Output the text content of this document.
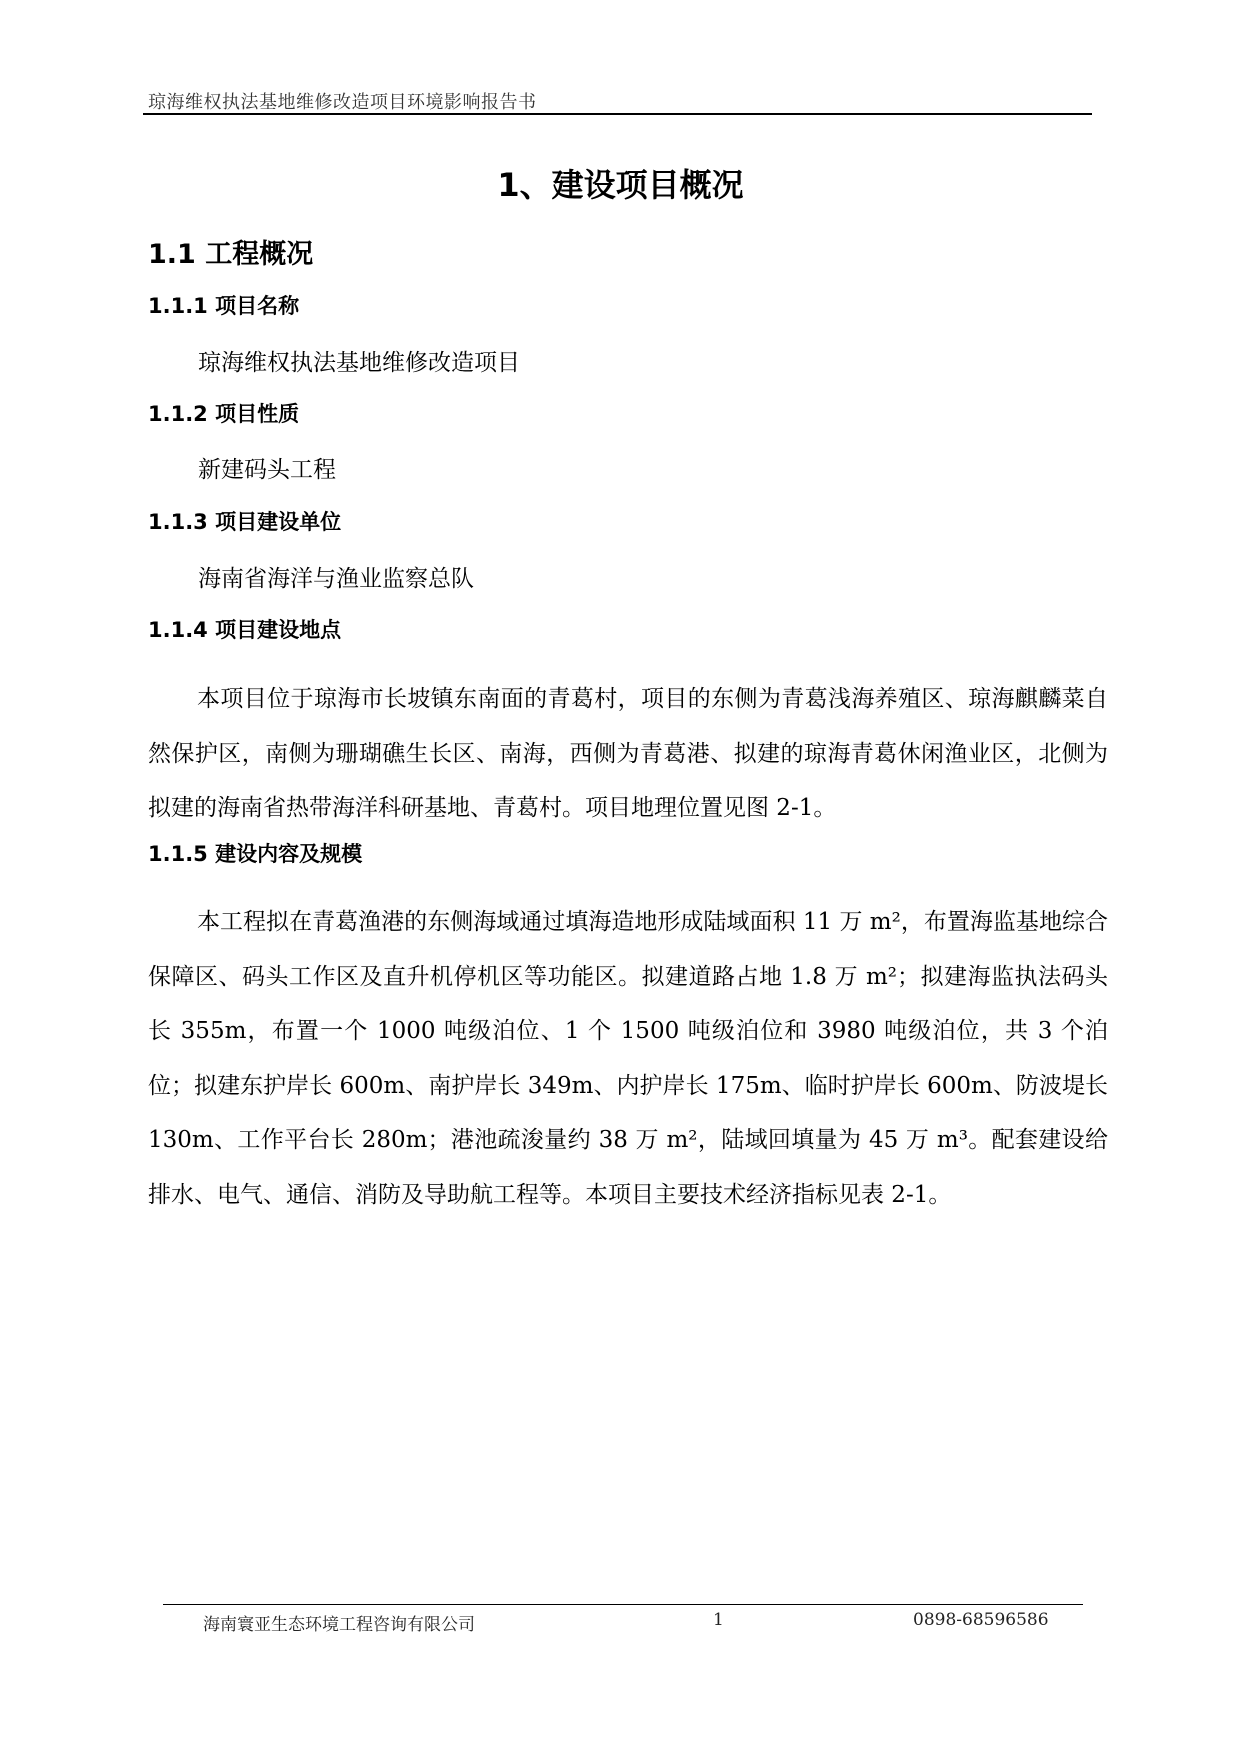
琼海维权执法基地维修改造项目环境影响报告书
1、建设项目概况
1.1 工程概况
1.1.1 项目名称
琼海维权执法基地维修改造项目
1.1.2 项目性质
新建码头工程
1.1.3 项目建设单位
海南省海洋与渔业监察总队
1.1.4 项目建设地点

本项目位于琼海市长坡镇东南面的青葛村，项目的东侧为青葛浅海养殖区、琼海麒麟菜自然保护区，南侧为珊瑚礁生长区、南海，西侧为青葛港、拟建的琼海青葛休闲渔业区，北侧为拟建的海南省热带海洋科研基地、青葛村。项目地理位置见图 2-1。

1.1.5 建设内容及规模

本工程拟在青葛渔港的东侧海域通过填海造地形成陆域面积 11 万 m²，布置海监基地综合保障区、码头工作区及直升机停机区等功能区。拟建道路占地 1.8 万 m²；拟建海监执法码头长 355m，布置一个 1000 吨级泊位、1 个 1500 吨级泊位和 3980 吨级泊位，共 3 个泊位；拟建东护岸长 600m、南护岸长 349m、内护岸长 175m、临时护岸长 600m、防波堤长 130m、工作平台长 280m；港池疏浚量约 38 万 m²，陆域回填量为 45 万 m³。配套建设给排水、电气、通信、消防及导助航工程等。本项目主要技术经济指标见表 2-1。

海南寰亚生态环境工程咨询有限公司	1	0898-68596586
